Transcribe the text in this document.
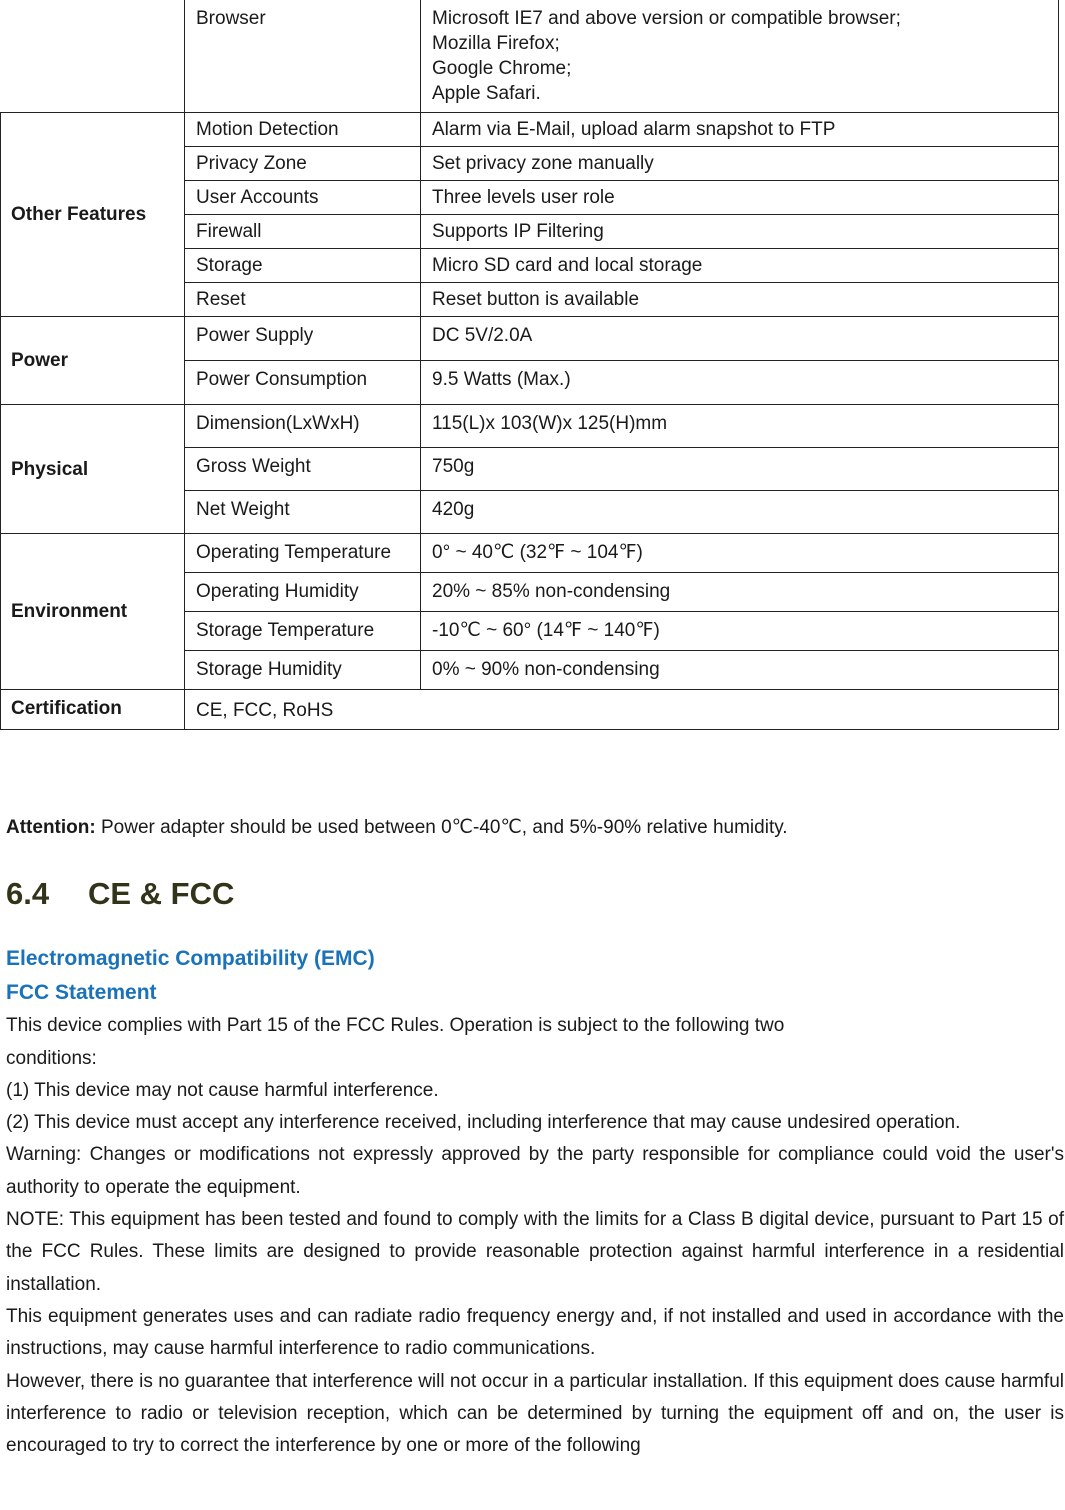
	Browser	Microsoft IE7 and above version or compatible browser;
Mozilla Firefox;
Google Chrome;
Apple Safari.

Other Features	Motion Detection	Alarm via E-Mail, upload alarm snapshot to FTP
	Privacy Zone	Set privacy zone manually
	User Accounts	Three levels user role
	Firewall	Supports IP Filtering
	Storage	Micro SD card and local storage
	Reset	Reset button is available
Power	Power Supply	DC 5V/2.0A
	Power Consumption	9.5 Watts (Max.)
Physical	Dimension(LxWxH)	115(L)x 103(W)x 125(H)mm
	Gross Weight	750g
	Net Weight	420g
Environment	Operating Temperature	0° ~ 40℃ (32℉ ~ 104℉)
	Operating Humidity	20% ~ 85% non-condensing
	Storage Temperature	-10℃ ~ 60° (14℉ ~ 140℉)
	Storage Humidity	0% ~ 90% non-condensing
Certification	CE, FCC, RoHS	

Attention: Power adapter should be used between 0℃-40℃, and 5%-90% relative humidity.

6.4 CE & FCC
Electromagnetic Compatibility (EMC)
FCC Statement

This device complies with Part 15 of the FCC Rules. Operation is subject to the following two

conditions:

(1) This device may not cause harmful interference.

(2) This device must accept any interference received, including interference that may cause undesired operation.

Warning: Changes or modifications not expressly approved by the party responsible for compliance could void the user's authority to operate the equipment.

NOTE: This equipment has been tested and found to comply with the limits for a Class B digital device, pursuant to Part 15 of the FCC Rules. These limits are designed to provide reasonable protection against harmful interference in a residential installation.

This equipment generates uses and can radiate radio frequency energy and, if not installed and used in accordance with the instructions, may cause harmful interference to radio communications.

However, there is no guarantee that interference will not occur in a particular installation. If this equipment does cause harmful interference to radio or television reception, which can be determined by turning the equipment off and on, the user is encouraged to try to correct the interference by one or more of the following
